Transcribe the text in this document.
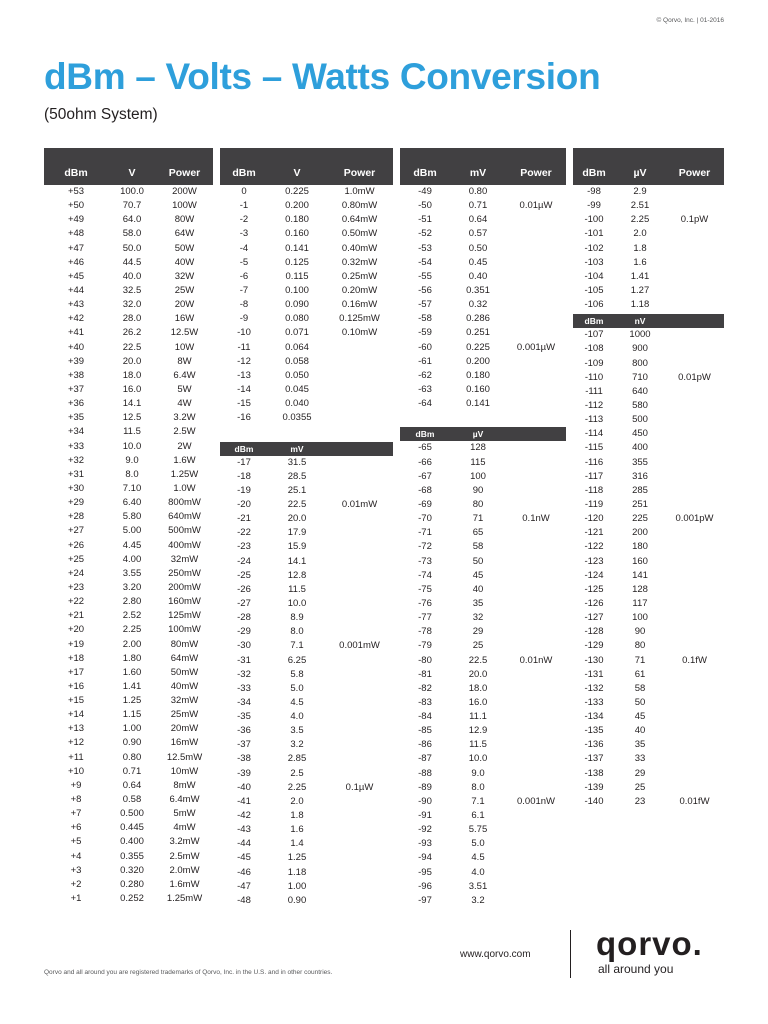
© Qorvo, Inc. | 01-2016
dBm – Volts – Watts Conversion
(50ohm System)
dBm	V	Power
+53	100.0	200W
+50	70.7	100W
+49	64.0	80W
+48	58.0	64W
+47	50.0	50W
+46	44.5	40W
+45	40.0	32W
+44	32.5	25W
+43	32.0	20W
+42	28.0	16W
+41	26.2	12.5W
+40	22.5	10W
+39	20.0	8W
+38	18.0	6.4W
+37	16.0	5W
+36	14.1	4W
+35	12.5	3.2W
+34	11.5	2.5W
+33	10.0	2W
+32	9.0	1.6W
+31	8.0	1.25W
+30	7.10	1.0W
+29	6.40	800mW
+28	5.80	640mW
+27	5.00	500mW
+26	4.45	400mW
+25	4.00	32mW
+24	3.55	250mW
+23	3.20	200mW
+22	2.80	160mW
+21	2.52	125mW
+20	2.25	100mW
+19	2.00	80mW
+18	1.80	64mW
+17	1.60	50mW
+16	1.41	40mW
+15	1.25	32mW
+14	1.15	25mW
+13	1.00	20mW
+12	0.90	16mW
+11	0.80	12.5mW
+10	0.71	10mW
+9	0.64	8mW
+8	0.58	6.4mW
+7	0.500	5mW
+6	0.445	4mW
+5	0.400	3.2mW
+4	0.355	2.5mW
+3	0.320	2.0mW
+2	0.280	1.6mW
+1	0.252	1.25mW
dBm	V	Power
0	0.225	1.0mW
-1	0.200	0.80mW
-2	0.180	0.64mW
-3	0.160	0.50mW
-4	0.141	0.40mW
-5	0.125	0.32mW
-6	0.115	0.25mW
-7	0.100	0.20mW
-8	0.090	0.16mW
-9	0.080	0.125mW
-10	0.071	0.10mW
-11	0.064
-12	0.058
-13	0.050
-14	0.045
-15	0.040
-16	0.0355
dBm	mV
-17	31.5
-18	28.5
-19	25.1
-20	22.5	0.01mW
-21	20.0
-22	17.9
-23	15.9
-24	14.1
-25	12.8
-26	11.5
-27	10.0
-28	8.9
-29	8.0
-30	7.1	0.001mW
-31	6.25
-32	5.8
-33	5.0
-34	4.5
-35	4.0
-36	3.5
-37	3.2
-38	2.85
-39	2.5
-40	2.25	0.1µW
-41	2.0
-42	1.8
-43	1.6
-44	1.4
-45	1.25
-46	1.18
-47	1.00
-48	0.90
dBm	mV	Power
-49	0.80
-50	0.71	0.01µW
-51	0.64
-52	0.57
-53	0.50
-54	0.45
-55	0.40
-56	0.351
-57	0.32
-58	0.286
-59	0.251
-60	0.225	0.001µW
-61	0.200
-62	0.180
-63	0.160
-64	0.141
dBm	µV
-65	128
-66	115
-67	100
-68	90
-69	80
-70	71	0.1nW
-71	65
-72	58
-73	50
-74	45
-75	40
-76	35
-77	32
-78	29
-79	25
-80	22.5	0.01nW
-81	20.0
-82	18.0
-83	16.0
-84	11.1
-85	12.9
-86	11.5
-87	10.0
-88	9.0
-89	8.0
-90	7.1	0.001nW
-91	6.1
-92	5.75
-93	5.0
-94	4.5
-95	4.0
-96	3.51
-97	3.2
dBm	µV	Power
-98	2.9
-99	2.51
-100	2.25	0.1pW
-101	2.0
-102	1.8
-103	1.6
-104	1.41
-105	1.27
-106	1.18
dBm	nV
-107	1000
-108	900
-109	800
-110	710	0.01pW
-111	640
-112	580
-113	500
-114	450
-115	400
-116	355
-117	316
-118	285
-119	251
-120	225	0.001pW
-121	200
-122	180
-123	160
-124	141
-125	128
-126	117
-127	100
-128	90
-129	80
-130	71	0.1fW
-131	61
-132	58
-133	50
-134	45
-135	40
-136	35
-137	33
-138	29
-139	25
-140	23	0.01fW
www.qorvo.com
Qorvo and all around you are registered trademarks of Qorvo, Inc. in the U.S. and in other countries.
qorvo.
all around you
